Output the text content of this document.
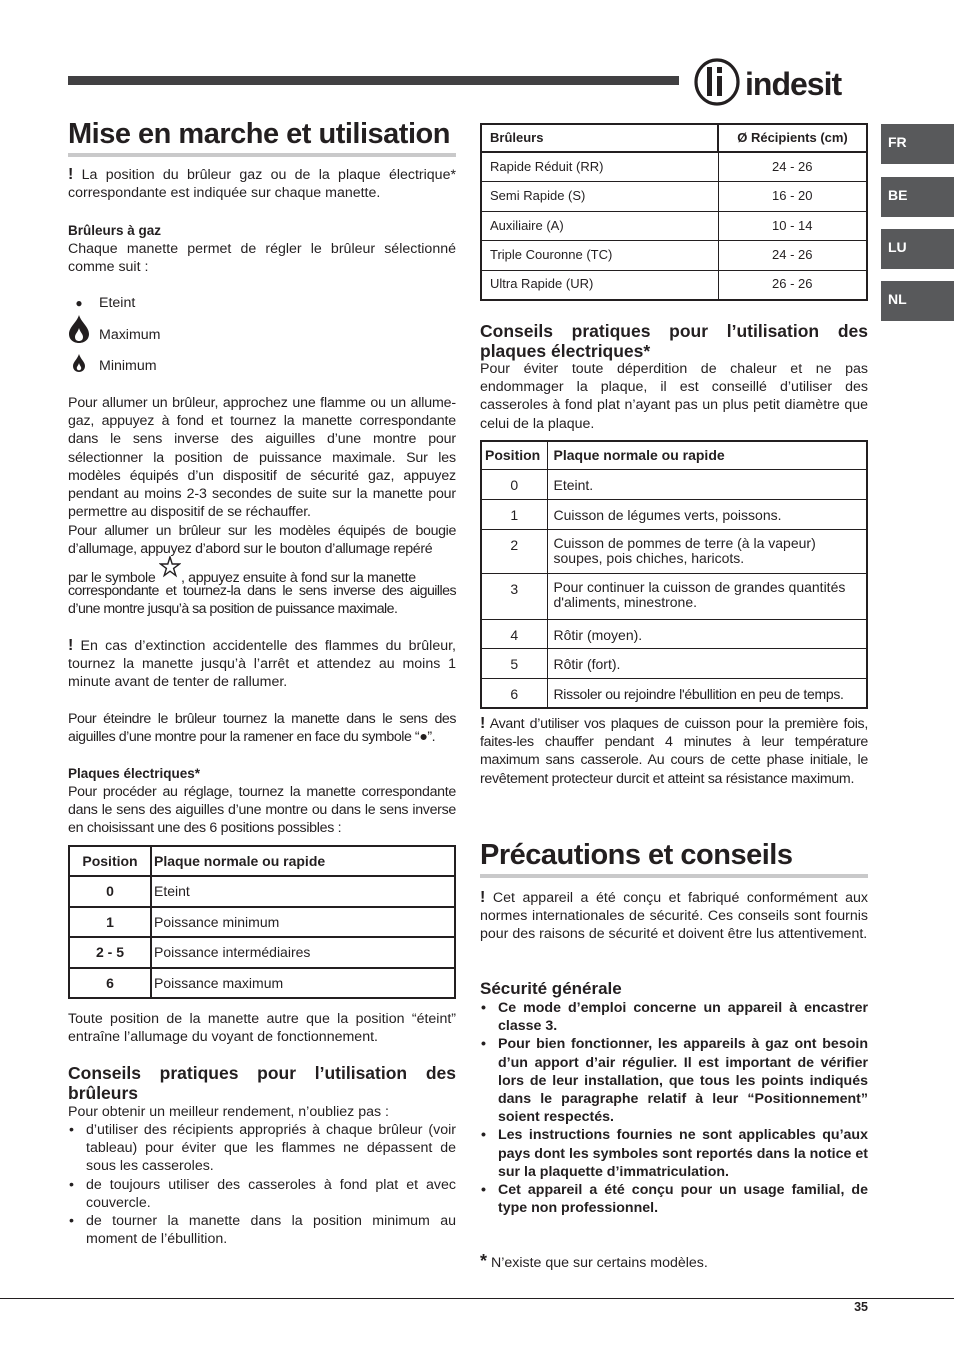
indesit
FR
BE
LU
NL
Mise en marche et utilisation

! La position du brûleur gaz ou de la plaque électrique* correspondante est indiquée sur chaque manette.

Brûleurs à gaz

Chaque manette permet de régler le brûleur sélectionné comme suit :

●	Eteint
Maximum
Minimum

Pour allumer un brûleur, approchez une flamme ou un allume-gaz, appuyez à fond et tournez la manette correspondante dans le sens inverse des aiguilles d’une montre pour sélectionner la position de puissance maximale. Sur les modèles équipés d’un dispositif de sécurité gaz, appuyez pendant au moins 2-3 secondes de suite sur la manette pour permettre au dispositif de se réchauffer.

Pour allumer un brûleur sur les modèles équipés de bougie d’allumage, appuyez d’abord sur le bouton d’allumage repéré

par le symbole , appuyez ensuite à fond sur la manette

correspondante et tournez-la dans le sens inverse des aiguilles d’une montre jusqu’à sa position de puissance maximale.

! En cas d’extinction accidentelle des flammes du brûleur, tournez la manette jusqu’à l’arrêt et attendez au moins 1 minute avant de tenter de rallumer.

Pour éteindre le brûleur tournez la manette dans le sens des aiguilles d’une montre pour la ramener en face du symbole “●”.

Plaques électriques*

Pour procéder au réglage, tournez la manette correspondante dans le sens des aiguilles d’une montre ou dans le sens inverse en choisissant une des 6 positions possibles :

Position	Plaque normale ou rapide
0	Eteint
1	Poissance minimum
2 - 5	Poissance intermédiaires
6	Poissance maximum

Toute position de la manette autre que la position “éteint” entraîne l’allumage du voyant de fonctionnement.

Conseils pratiques pour l’utilisation des brûleurs

Pour obtenir un meilleur rendement, n’oubliez pas :

• d’utiliser des récipients appropriés à chaque brûleur (voir tableau) pour éviter que les flammes ne dépassent de sous les casseroles.
• de toujours utiliser des casseroles à fond plat et avec couvercle.
• de tourner la manette dans la position minimum au moment de l’ébullition.
Brûleurs	Ø Récipients (cm)
Rapide Réduit (RR)	24 - 26
Semi Rapide (S)	16 - 20
Auxiliaire (A)	10 - 14
Triple Couronne (TC)	24 - 26
Ultra Rapide (UR)	26 - 26
Conseils pratiques pour l’utilisation des plaques électriques*

Pour éviter toute déperdition de chaleur et ne pas endommager la plaque, il est conseillé d’utiliser des casseroles à fond plat n’ayant pas un plus petit diamètre que celui de la plaque.

Position	Plaque normale ou rapide
0	Eteint.
1	Cuisson de légumes verts, poissons.
2	Cuisson de pommes de terre (à la vapeur) soupes, pois chiches, haricots.
3	Pour continuer la cuisson de grandes quantités d'aliments, minestrone.
4	Rôtir (moyen).
5	Rôtir (fort).
6	Rissoler ou rejoindre l'ébullition en peu de temps.

! Avant d’utiliser vos plaques de cuisson pour la première fois, faites-les chauffer pendant 4 minutes à leur température maximum sans casserole. Au cours de cette phase initiale, le revêtement protecteur durcit et atteint sa résistance maximum.

Précautions et conseils

! Cet appareil a été conçu et fabriqué conformément aux normes internationales de sécurité. Ces conseils sont fournis pour des raisons de sécurité et doivent être lus attentivement.

Sécurité générale
• Ce mode d’emploi concerne un appareil à encastrer classe 3.
• Pour bien fonctionner, les appareils à gaz ont besoin d’un apport d’air régulier. Il est important de vérifier lors de leur installation, que tous les points indiqués dans le paragraphe relatif à leur “Positionnement” soient respectés.
• Les instructions fournies ne sont applicables qu’aux pays dont les symboles sont reportés dans la notice et sur la plaquette d’immatriculation.
• Cet appareil a été conçu pour un usage familial, de type non professionnel.
* N’existe que sur certains modèles.
35
